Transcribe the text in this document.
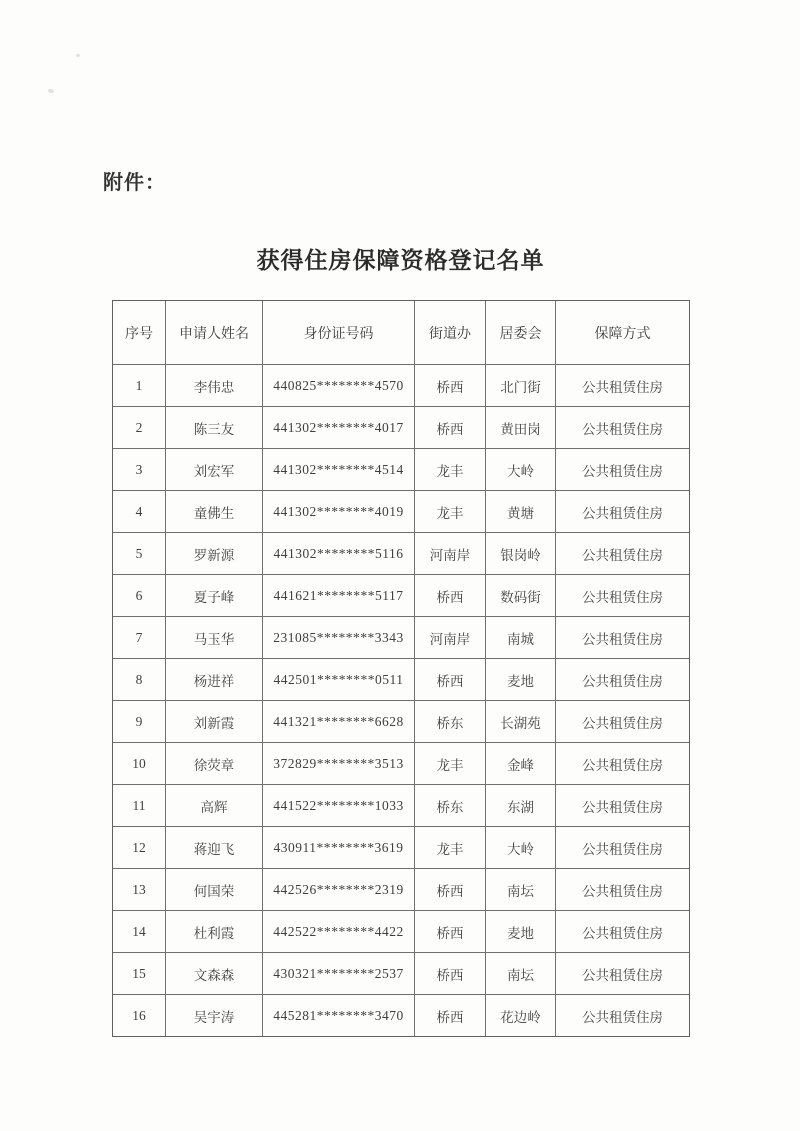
附件：
获得住房保障资格登记名单
序号	申请人姓名	身份证号码	街道办	居委会	保障方式
1	李伟忠	440825********4570	桥西	北门街	公共租赁住房
2	陈三友	441302********4017	桥西	黄田岗	公共租赁住房
3	刘宏军	441302********4514	龙丰	大岭	公共租赁住房
4	童佛生	441302********4019	龙丰	黄塘	公共租赁住房
5	罗新源	441302********5116	河南岸	银岗岭	公共租赁住房
6	夏子峰	441621********5117	桥西	数码街	公共租赁住房
7	马玉华	231085********3343	河南岸	南城	公共租赁住房
8	杨进祥	442501********0511	桥西	麦地	公共租赁住房
9	刘新霞	441321********6628	桥东	长湖苑	公共租赁住房
10	徐荧章	372829********3513	龙丰	金峰	公共租赁住房
11	高辉	441522********1033	桥东	东湖	公共租赁住房
12	蒋迎飞	430911********3619	龙丰	大岭	公共租赁住房
13	何国荣	442526********2319	桥西	南坛	公共租赁住房
14	杜利霞	442522********4422	桥西	麦地	公共租赁住房
15	文森森	430321********2537	桥西	南坛	公共租赁住房
16	吴宇涛	445281********3470	桥西	花边岭	公共租赁住房
